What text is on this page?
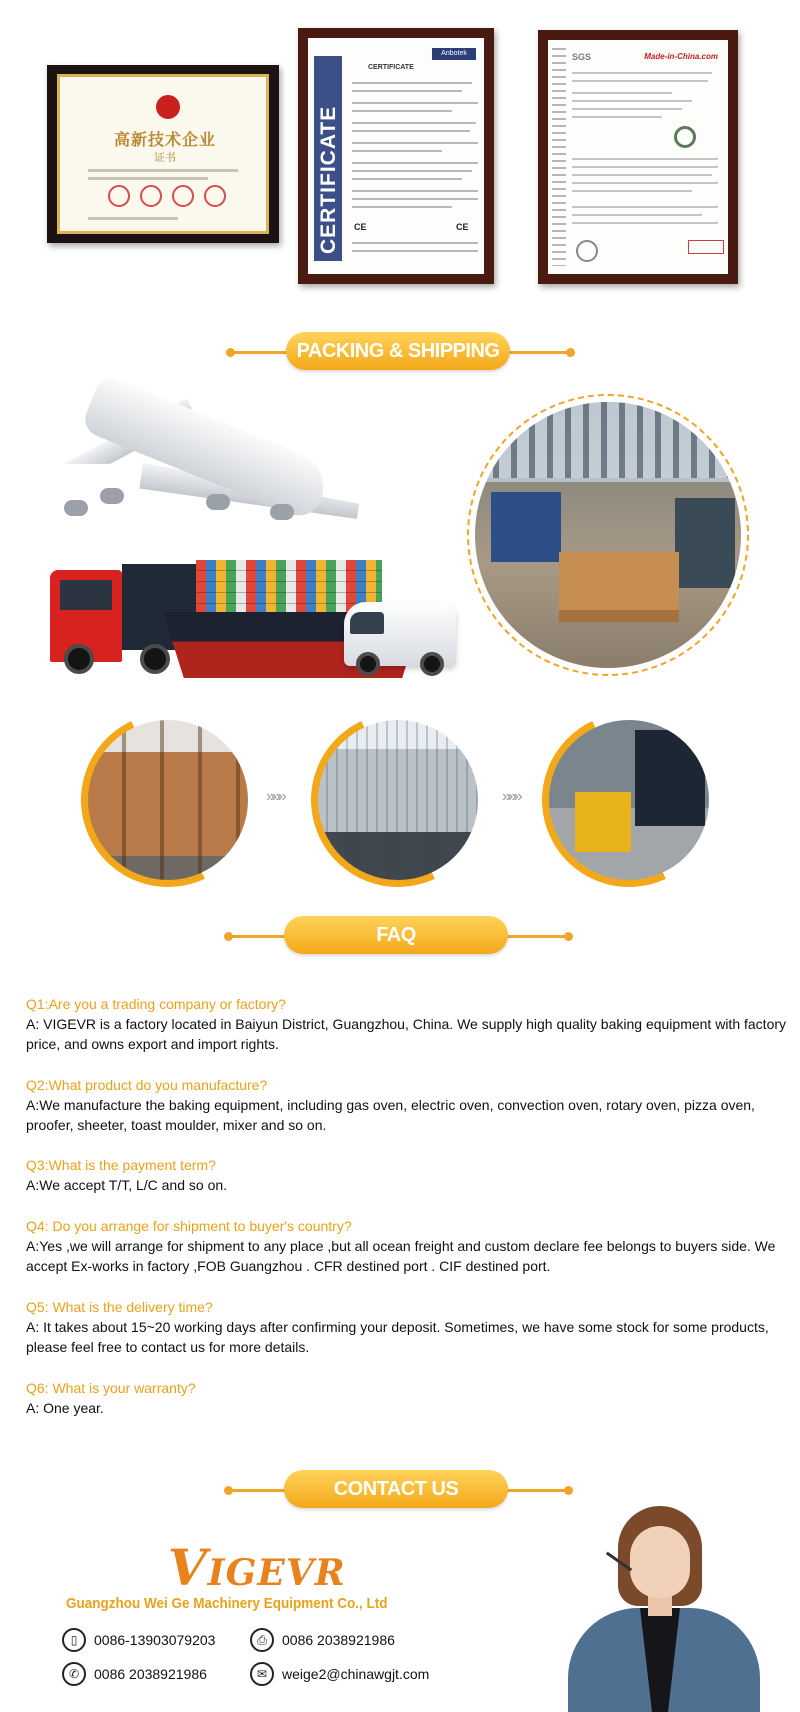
高新技术企业
证书	CERTIFICATE
Anbotek
CERTIFICATE
CE	CE
SGS	Made-in-China.com
PACKING & SHIPPING
»»»	»»»
FAQ
Q1:Are you a trading company or factory?
A: VIGEVR is a factory located in Baiyun District, Guangzhou, China. We supply high quality baking equipment with factory price, and owns export and import rights.
Q2:What product do you manufacture?
A:We manufacture the baking equipment, including gas oven, electric oven, convection oven, rotary oven, pizza oven, proofer, sheeter, toast moulder, mixer and so on.
Q3:What is the payment term?
A:We accept T/T, L/C and so on.
Q4: Do you arrange for shipment to buyer's country?
A:Yes ,we will arrange for shipment to any place ,but all ocean freight and custom declare fee belongs to buyers side. We accept Ex-works in factory ,FOB Guangzhou . CFR destined port . CIF destined port.
Q5: What is the delivery time?
A: It takes about 15~20 working days after confirming your deposit. Sometimes, we have some stock for some products, please feel free to contact us for more details.
Q6: What is your warranty?
A: One year.
CONTACT US
VIGEVR
Guangzhou Wei Ge Machinery Equipment Co., Ltd
▯	0086-13903079203	⎙	0086 2038921986
✆	0086 2038921986	✉	weige2@chinawgjt.com
